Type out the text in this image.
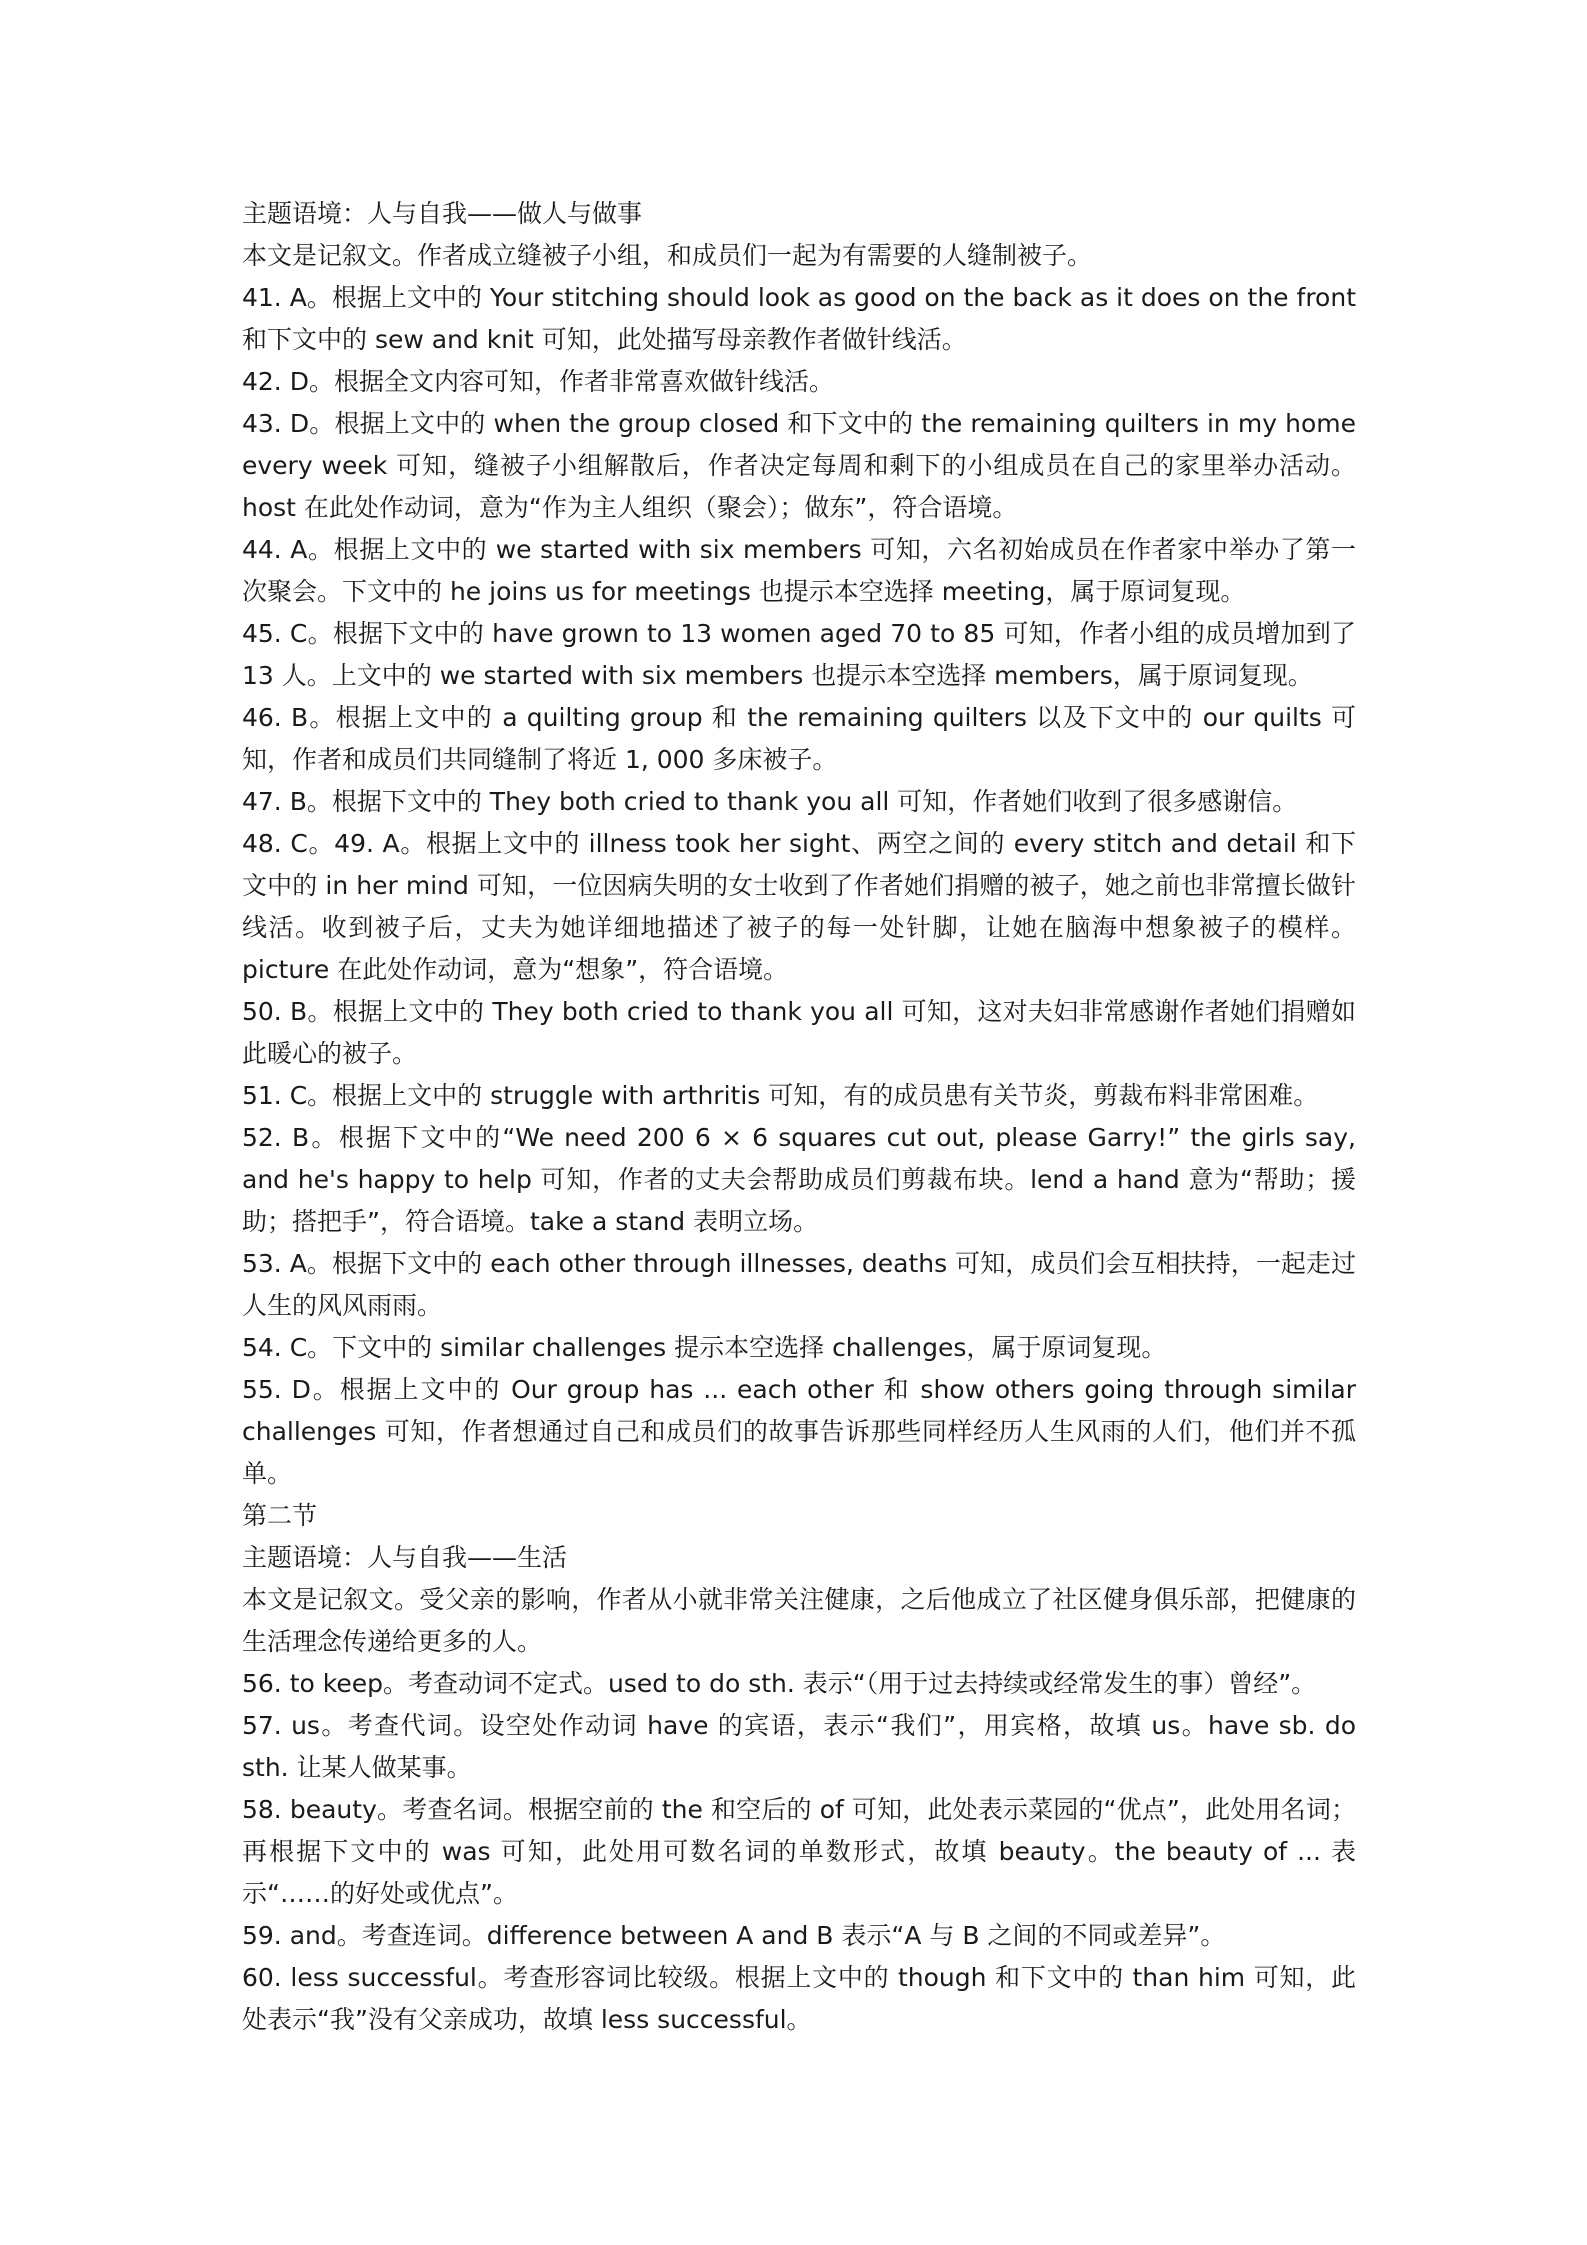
主题语境：人与自我——做人与做事

本文是记叙文。作者成立缝被子小组，和成员们一起为有需要的人缝制被子。

41. A。根据上文中的 Your stitching should look as good on the back as it does on the front 和下文中的 sew and knit 可知，此处描写母亲教作者做针线活。

42. D。根据全文内容可知，作者非常喜欢做针线活。

43. D。根据上文中的 when the group closed 和下文中的 the remaining quilters in my home every week 可知，缝被子小组解散后，作者决定每周和剩下的小组成员在自己的家里举办活动。host 在此处作动词，意为“作为主人组织（聚会）；做东”，符合语境。

44. A。根据上文中的 we started with six members 可知，六名初始成员在作者家中举办了第一次聚会。下文中的 he joins us for meetings 也提示本空选择 meeting，属于原词复现。

45. C。根据下文中的 have grown to 13 women aged 70 to 85 可知，作者小组的成员增加到了 13 人。上文中的 we started with six members 也提示本空选择 members，属于原词复现。

46. B。根据上文中的 a quilting group 和 the remaining quilters 以及下文中的 our quilts 可知，作者和成员们共同缝制了将近 1, 000 多床被子。

47. B。根据下文中的 They both cried to thank you all 可知，作者她们收到了很多感谢信。

48. C。49. A。根据上文中的 illness took her sight、两空之间的 every stitch and detail 和下文中的 in her mind 可知，一位因病失明的女士收到了作者她们捐赠的被子，她之前也非常擅长做针线活。收到被子后，丈夫为她详细地描述了被子的每一处针脚，让她在脑海中想象被子的模样。picture 在此处作动词，意为“想象”，符合语境。

50. B。根据上文中的 They both cried to thank you all 可知，这对夫妇非常感谢作者她们捐赠如此暖心的被子。

51. C。根据上文中的 struggle with arthritis 可知，有的成员患有关节炎，剪裁布料非常困难。

52. B。根据下文中的“We need 200 6 × 6 squares cut out, please Garry!” the girls say, and he's happy to help 可知，作者的丈夫会帮助成员们剪裁布块。lend a hand 意为“帮助；援助；搭把手”，符合语境。take a stand 表明立场。

53. A。根据下文中的 each other through illnesses, deaths 可知，成员们会互相扶持，一起走过人生的风风雨雨。

54. C。下文中的 similar challenges 提示本空选择 challenges，属于原词复现。

55. D。根据上文中的 Our group has ... each other 和 show others going through similar challenges 可知，作者想通过自己和成员们的故事告诉那些同样经历人生风雨的人们，他们并不孤单。

第二节

主题语境：人与自我——生活

本文是记叙文。受父亲的影响，作者从小就非常关注健康，之后他成立了社区健身俱乐部，把健康的生活理念传递给更多的人。

56. to keep。考查动词不定式。used to do sth. 表示“（用于过去持续或经常发生的事）曾经”。

57. us。考查代词。设空处作动词 have 的宾语，表示“我们”，用宾格，故填 us。have sb. do sth. 让某人做某事。

58. beauty。考查名词。根据空前的 the 和空后的 of 可知，此处表示菜园的“优点”，此处用名词；再根据下文中的 was 可知，此处用可数名词的单数形式，故填 beauty。the beauty of ... 表示“……的好处或优点”。

59. and。考查连词。difference between A and B 表示“A 与 B 之间的不同或差异”。

60. less successful。考查形容词比较级。根据上文中的 though 和下文中的 than him 可知，此处表示“我”没有父亲成功，故填 less successful。
